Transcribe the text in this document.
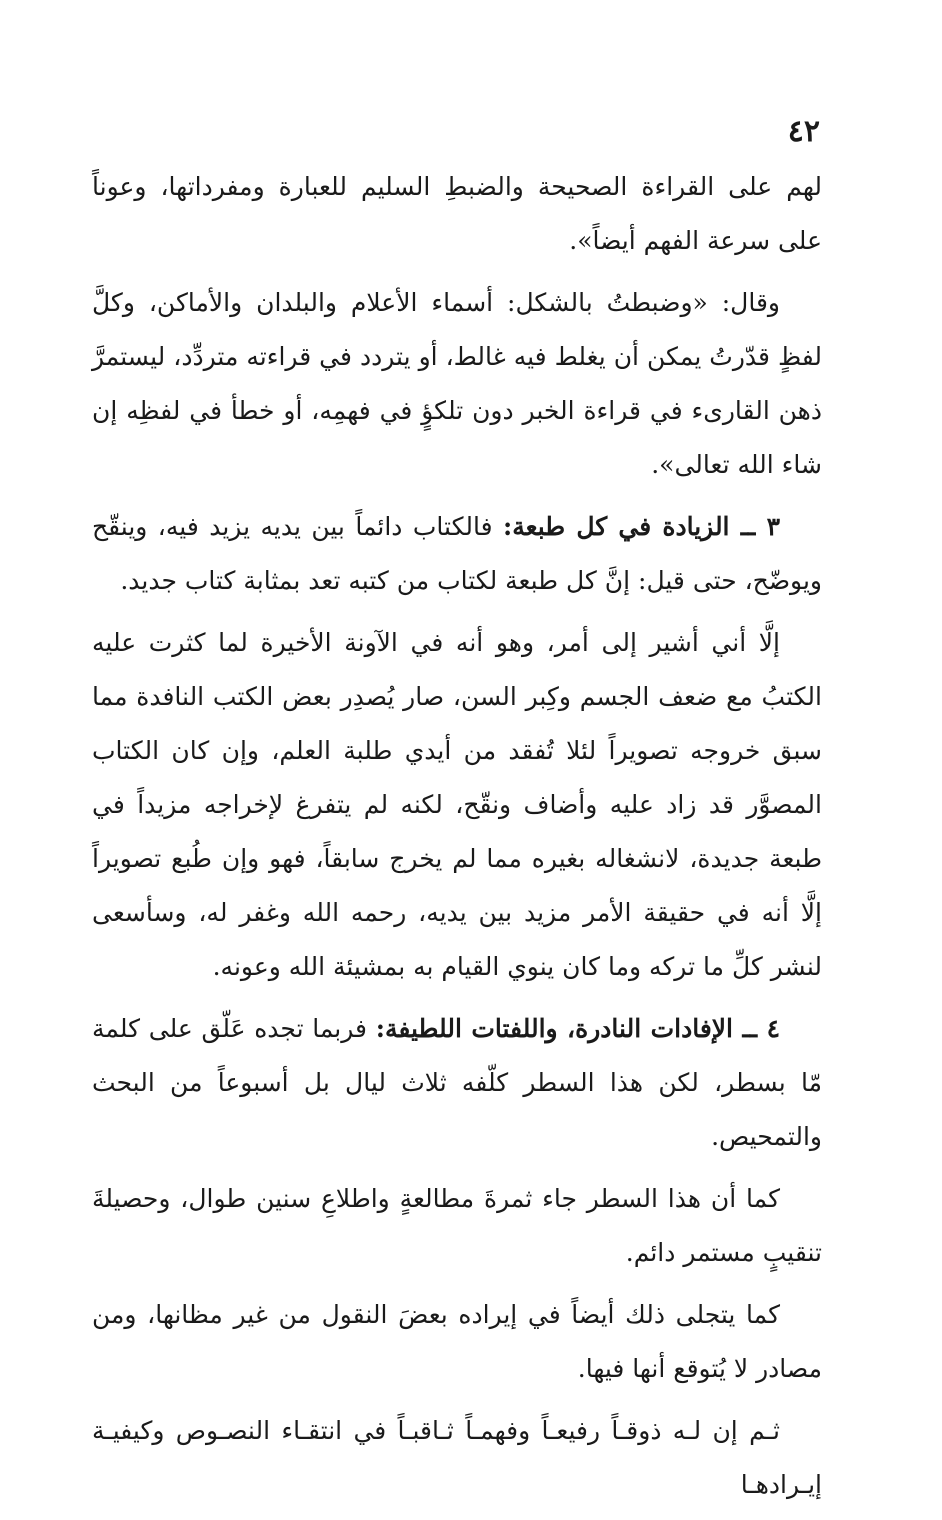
٤٢

لهم على القراءة الصحيحة والضبطِ السليم للعبارة ومفرداتها، وعوناً على سرعة الفهم أيضاً».

وقال: «وضبطتُ بالشكل: أسماء الأعلام والبلدان والأماكن، وكلَّ لفظٍ قدّرتُ يمكن أن يغلط فيه غالط، أو يتردد في قراءته متردِّد، ليستمرَّ ذهن القارىء في قراءة الخبر دون تلكؤٍ في فهمِه، أو خطأ في لفظِه إن شاء الله تعالى».

٣ ــ الزيادة في كل طبعة: فالكتاب دائماً بين يديه يزيد فيه، وينقّح ويوضّح، حتى قيل: إنَّ كل طبعة لكتاب من كتبه تعد بمثابة كتاب جديد.

إلَّا أني أشير إلى أمر، وهو أنه في الآونة الأخيرة لما كثرت عليه الكتبُ مع ضعف الجسم وكِبر السن، صار يُصدِر بعض الكتب النافدة مما سبق خروجه تصويراً لئلا تُفقد من أيدي طلبة العلم، وإن كان الكتاب المصوَّر قد زاد عليه وأضاف ونقّح، لكنه لم يتفرغ لإخراجه مزيداً في طبعة جديدة، لانشغاله بغيره مما لم يخرج سابقاً، فهو وإن طُبع تصويراً إلَّا أنه في حقيقة الأمر مزيد بين يديه، رحمه الله وغفر له، وسأسعى لنشر كلِّ ما تركه وما كان ينوي القيام به بمشيئة الله وعونه.

٤ ــ الإفادات النادرة، واللفتات اللطيفة: فربما تجده عَلّق على كلمة مّا بسطر، لكن هذا السطر كلّفه ثلاث ليال بل أسبوعاً من البحث والتمحيص.

كما أن هذا السطر جاء ثمرةَ مطالعةٍ واطلاعِ سنين طوال، وحصيلةَ تنقيبٍ مستمر دائم.

كما يتجلى ذلك أيضاً في إيراده بعضَ النقول من غير مظانها، ومن مصادر لا يُتوقع أنها فيها.

ثـم إن لـه ذوقـاً رفيعـاً وفهمـاً ثـاقبـاً في انتقـاء النصـوص وكيفيـة إيـرادهـا
